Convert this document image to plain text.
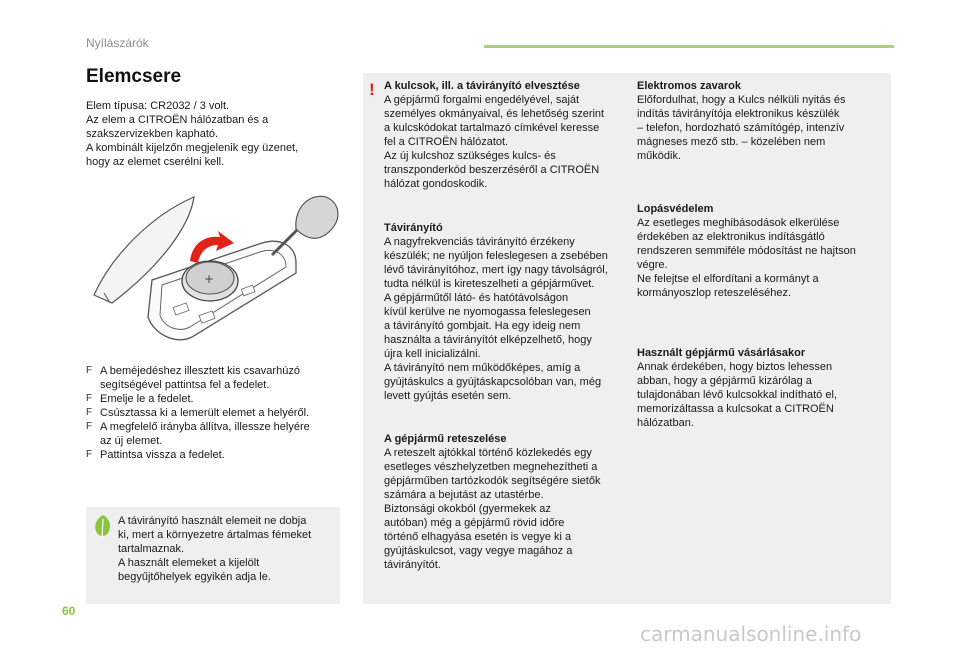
Nyílászárók
Elemcsere
Elem típusa: CR2032 / 3 volt.
Az elem a CITROËN hálózatban és a
szakszervizekben kapható.
A kombinált kijelzőn megjelenik egy üzenet,
hogy az elemet cserélni kell.
+
F A beméjedéshez illesztett kis csavarhúzó
segítségével pattintsa fel a fedelet.
F Emelje le a fedelet.
F Csúsztassa ki a lemerült elemet a helyéről.
F A megfelelő irányba állítva, illessze helyére
az új elemet.
F Pattintsa vissza a fedelet.
A távirányító használt elemeit ne dobja
ki, mert a környezetre ártalmas fémeket
tartalmaznak.
A használt elemeket a kijelölt
begyűjtőhelyek egyikén adja le.
! A kulcsok, ill. a távirányító elvesztése
A gépjármű forgalmi engedélyével, saját
személyes okmányaival, és lehetőség szerint
a kulcskódokat tartalmazó címkével keresse
fel a CITROËN hálózatot.
Az új kulcshoz szükséges kulcs- és
transzponderkód beszerzéséről a CITROËN
hálózat gondoskodik.
Távirányító
A nagyfrekvenciás távirányító érzékeny
készülék; ne nyúljon feleslegesen a zsebében
lévő távirányítóhoz, mert így nagy távolságról,
tudta nélkül is kireteszelheti a gépjárművet.
A gépjárműtől látó- és hatótávolságon
kívül kerülve ne nyomogassa feleslegesen
a távirányító gombjait. Ha egy ideig nem
használta a távirányítót elképzelhető, hogy
újra kell inicializálni.
A távirányító nem működőképes, amíg a
gyújtáskulcs a gyújtáskapcsolóban van, még
levett gyújtás esetén sem.
A gépjármű reteszelése
A reteszelt ajtókkal történő közlekedés egy
esetleges vészhelyzetben megnehezítheti a
gépjárműben tartózkodók segítségére sietők
számára a bejutást az utastérbe.
Biztonsági okokból (gyermekek az
autóban) még a gépjármű rövid időre
történő elhagyása esetén is vegye ki a
gyújtáskulcsot, vagy vegye magához a
távirányítót.
Elektromos zavarok
Előfordulhat, hogy a Kulcs nélküli nyitás és
indítás távirányítója elektronikus készülék
– telefon, hordozható számítógép, intenzív
mágneses mező stb. – közelében nem
működik.
Lopásvédelem
Az esetleges meghibásodások elkerülése
érdekében az elektronikus indításgátló
rendszeren semmiféle módosítást ne hajtson
végre.
Ne felejtse el elfordítani a kormányt a
kormányoszlop reteszeléséhez.
Használt gépjármű vásárlásakor
Annak érdekében, hogy biztos lehessen
abban, hogy a gépjármű kizárólag a
tulajdonában lévő kulcsokkal indítható el,
memorizáltassa a kulcsokat a CITROËN
hálózatban.
60
carmanualsonline.info
